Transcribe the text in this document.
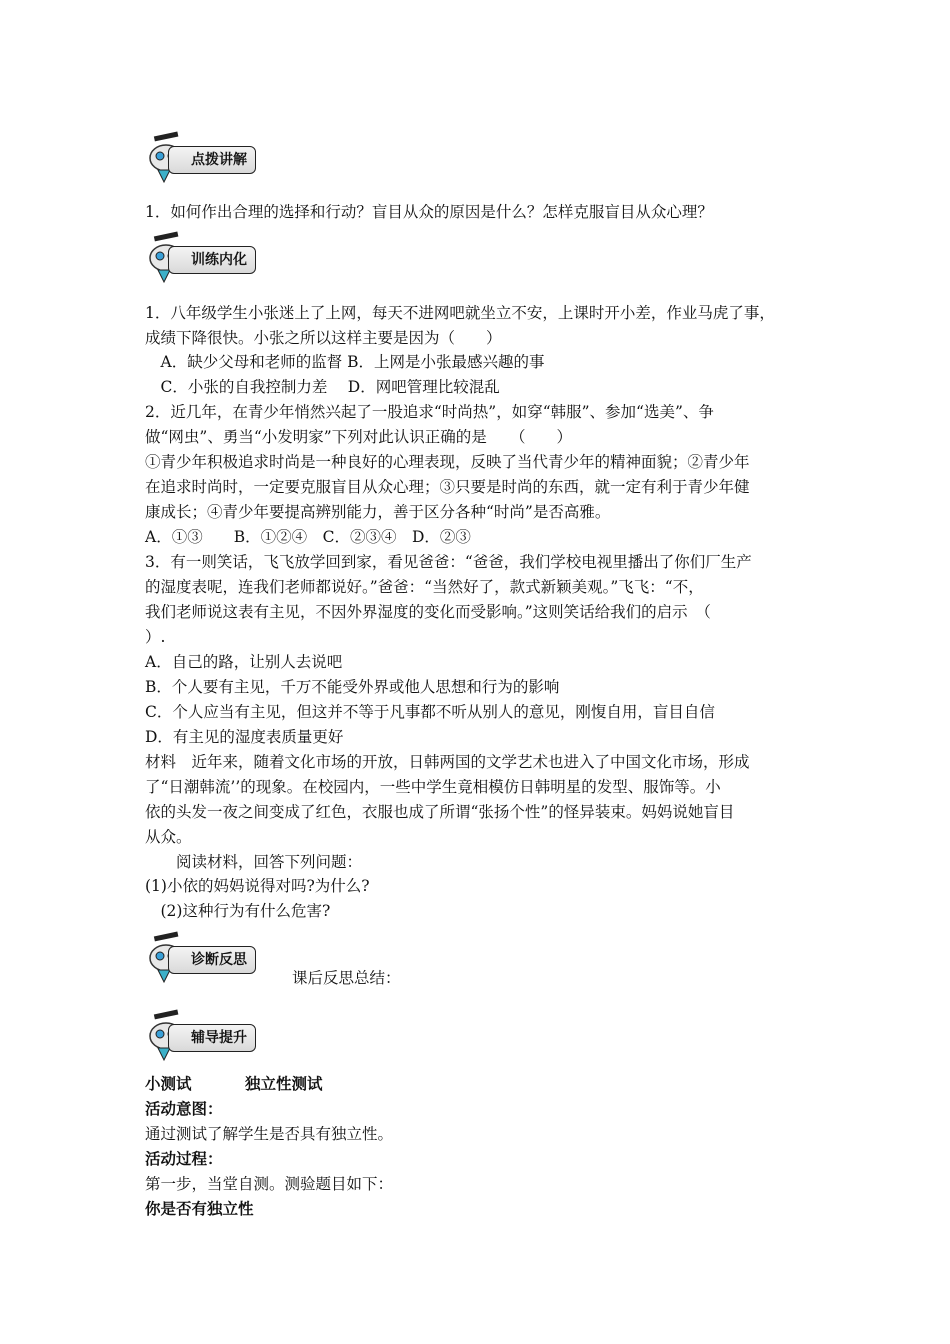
点拨讲解
1．如何作出合理的选择和行动？盲目从众的原因是什么？怎样克服盲目从众心理？
训练内化
1．八年级学生小张迷上了上网，每天不进网吧就坐立不安，上课时开小差，作业马虎了事，
成绩下降很快。小张之所以这样主要是因为（　　）
　A．缺少父母和老师的监督 B．上网是小张最感兴趣的事
　C．小张的自我控制力差　 D．网吧管理比较混乱
2．近几年，在青少年悄然兴起了一股追求“时尚热”，如穿“韩服”、参加“选美”、争
做“网虫”、勇当“小发明家”下列对此认识正确的是　　（　　）
①青少年积极追求时尚是一种良好的心理表现，反映了当代青少年的精神面貌；②青少年
在追求时尚时，一定要克服盲目从众心理；③只要是时尚的东西，就一定有利于青少年健
康成长；④青少年要提高辨别能力，善于区分各种“时尚”是否高雅。
A．①③　　B．①②④　C．②③④　D．②③
3．有一则笑话，飞飞放学回到家，看见爸爸：“爸爸，我们学校电视里播出了你们厂生产
的湿度表呢，连我们老师都说好。”爸爸：“当然好了，款式新颖美观。”飞飞：“不，
我们老师说这表有主见，不因外界湿度的变化而受影响。”这则笑话给我们的启示　（
）.
A．自己的路，让别人去说吧
B．个人要有主见，千万不能受外界或他人思想和行为的影响
C．个人应当有主见，但这并不等于凡事都不听从别人的意见，刚愎自用，盲目自信
D．有主见的湿度表质量更好
材料　近年来，随着文化市场的开放，日韩两国的文学艺术也进入了中国文化市场，形成
了“日潮韩流’’的现象。在校园内，一些中学生竟相模仿日韩明星的发型、服饰等。小
依的头发一夜之间变成了红色，衣服也成了所谓“张扬个性”的怪异装束。妈妈说她盲目
从众。
　　阅读材料，回答下列问题：
(1)小依的妈妈说得对吗?为什么?
　(2)这种行为有什么危害?
诊断反思
课后反思总结：
辅导提升
小测试	独立性测试
活动意图：
通过测试了解学生是否具有独立性。
活动过程：
第一步，当堂自测。测验题目如下：
你是否有独立性
